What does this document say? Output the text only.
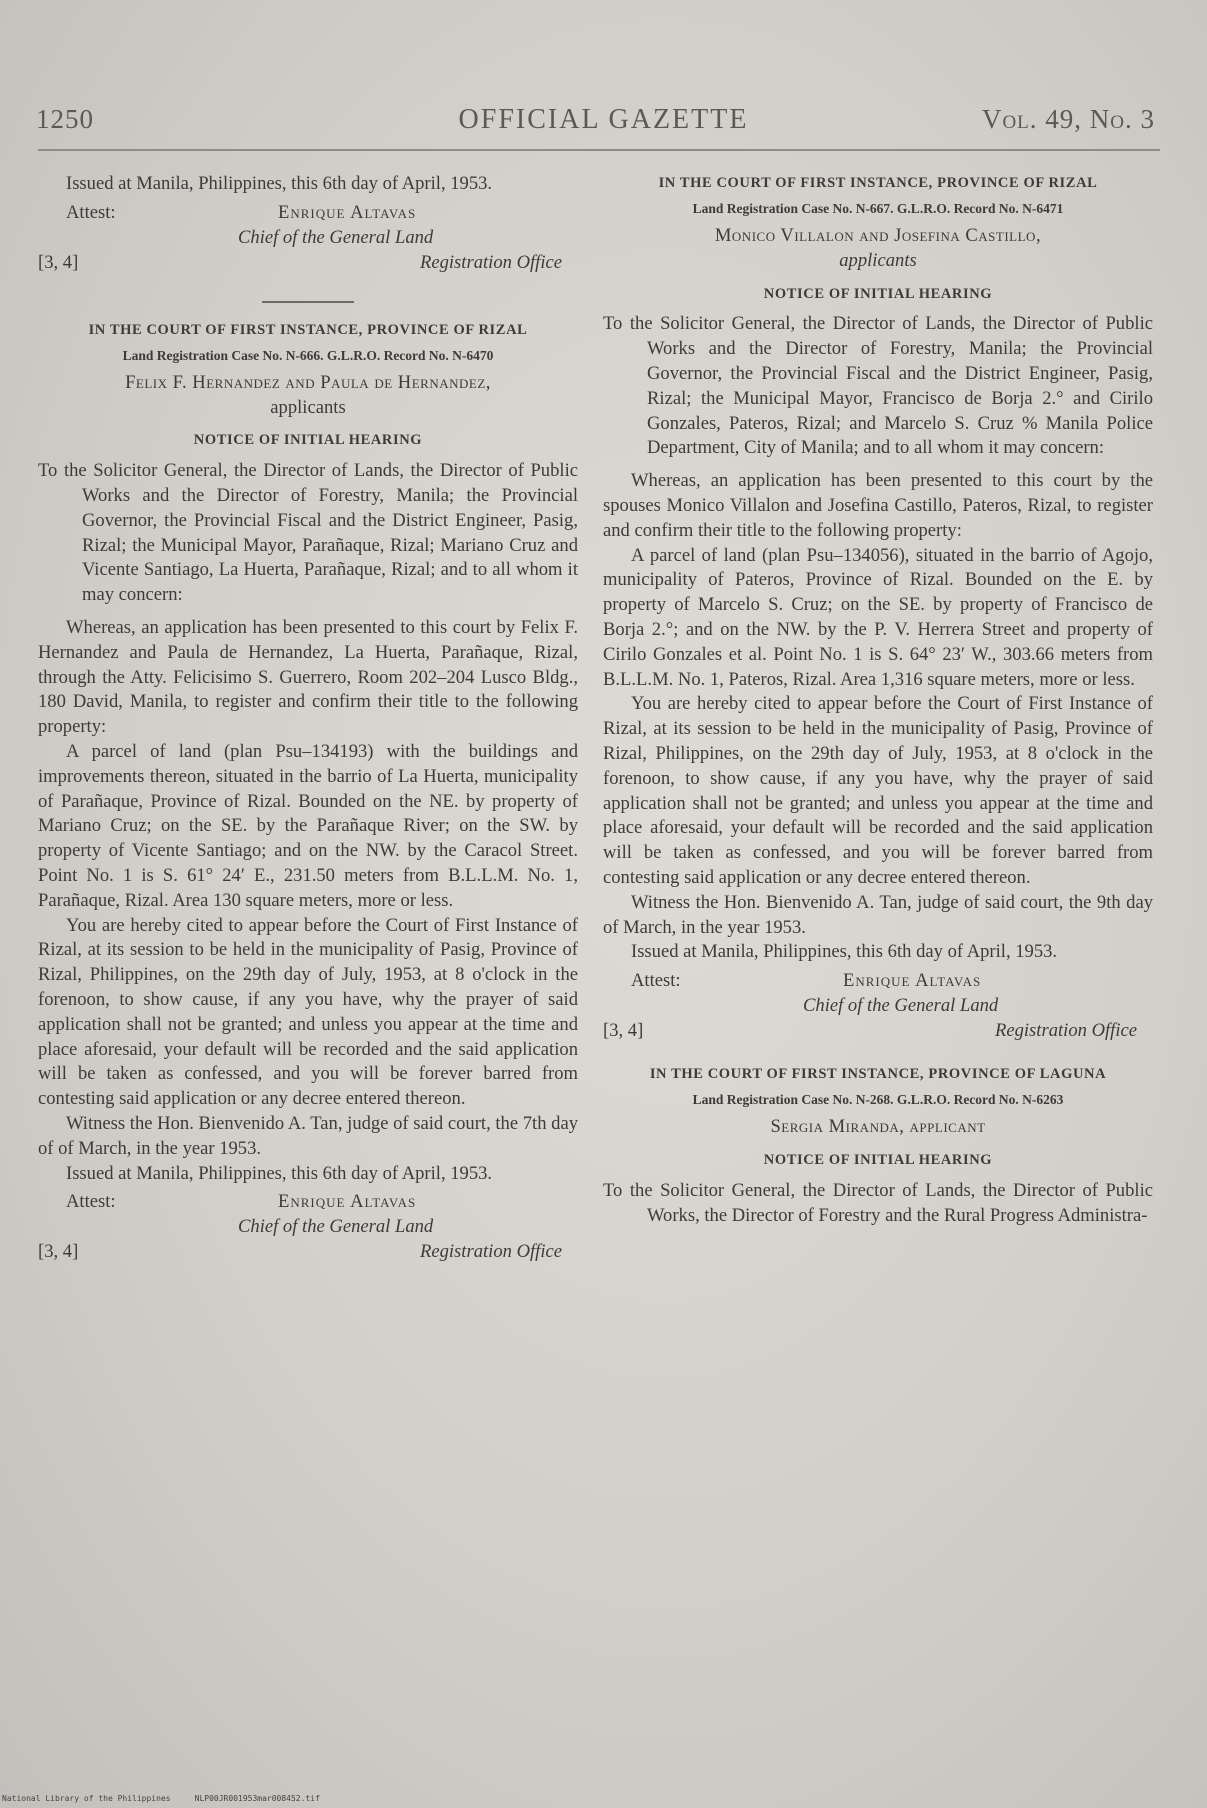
1250	OFFICIAL GAZETTE	Vol. 49, No. 3

Issued at Manila, Philippines, this 6th day of April, 1953.

Attest:	Enrique Altavas
Chief of the General Land
[3, 4]	Registration Office
IN THE COURT OF FIRST INSTANCE, PROVINCE OF RIZAL
Land Registration Case No. N-666. G.L.R.O. Record No. N-6470

Felix F. Hernandez and Paula de Hernandez,
applicants

NOTICE OF INITIAL HEARING

To the Solicitor General, the Director of Lands, the Director of Public Works and the Director of Forestry, Manila; the Provincial Governor, the Provincial Fiscal and the District Engineer, Pasig, Rizal; the Municipal Mayor, Parañaque, Rizal; Mariano Cruz and Vicente Santiago, La Huerta, Parañaque, Rizal; and to all whom it may concern:

Whereas, an application has been presented to this court by Felix F. Hernandez and Paula de Hernandez, La Huerta, Parañaque, Rizal, through the Atty. Felicisimo S. Guerrero, Room 202–204 Lusco Bldg., 180 David, Manila, to register and confirm their title to the following property:

A parcel of land (plan Psu–134193) with the buildings and improvements thereon, situated in the barrio of La Huerta, municipality of Parañaque, Province of Rizal. Bounded on the NE. by property of Mariano Cruz; on the SE. by the Parañaque River; on the SW. by property of Vicente Santiago; and on the NW. by the Caracol Street. Point No. 1 is S. 61° 24′ E., 231.50 meters from B.L.L.M. No. 1, Parañaque, Rizal. Area 130 square meters, more or less.

You are hereby cited to appear before the Court of First Instance of Rizal, at its session to be held in the municipality of Pasig, Province of Rizal, Philippines, on the 29th day of July, 1953, at 8 o'clock in the forenoon, to show cause, if any you have, why the prayer of said application shall not be granted; and unless you appear at the time and place aforesaid, your default will be recorded and the said application will be taken as confessed, and you will be forever barred from contesting said application or any decree entered thereon.

Witness the Hon. Bienvenido A. Tan, judge of said court, the 7th day of of March, in the year 1953.

Issued at Manila, Philippines, this 6th day of April, 1953.

Attest:	Enrique Altavas
Chief of the General Land
[3, 4]	Registration Office
IN THE COURT OF FIRST INSTANCE, PROVINCE OF RIZAL
Land Registration Case No. N-667. G.L.R.O. Record No. N-6471

Monico Villalon and Josefina Castillo,
applicants

NOTICE OF INITIAL HEARING

To the Solicitor General, the Director of Lands, the Director of Public Works and the Director of Forestry, Manila; the Provincial Governor, the Provincial Fiscal and the District Engineer, Pasig, Rizal; the Municipal Mayor, Francisco de Borja 2.° and Cirilo Gonzales, Pateros, Rizal; and Marcelo S. Cruz % Manila Police Department, City of Manila; and to all whom it may concern:

Whereas, an application has been presented to this court by the spouses Monico Villalon and Josefina Castillo, Pateros, Rizal, to register and confirm their title to the following property:

A parcel of land (plan Psu–134056), situated in the barrio of Agojo, municipality of Pateros, Province of Rizal. Bounded on the E. by property of Marcelo S. Cruz; on the SE. by property of Francisco de Borja 2.°; and on the NW. by the P. V. Herrera Street and property of Cirilo Gonzales et al. Point No. 1 is S. 64° 23′ W., 303.66 meters from B.L.L.M. No. 1, Pateros, Rizal. Area 1,316 square meters, more or less.

You are hereby cited to appear before the Court of First Instance of Rizal, at its session to be held in the municipality of Pasig, Province of Rizal, Philippines, on the 29th day of July, 1953, at 8 o'clock in the forenoon, to show cause, if any you have, why the prayer of said application shall not be granted; and unless you appear at the time and place aforesaid, your default will be recorded and the said application will be taken as confessed, and you will be forever barred from contesting said application or any decree entered thereon.

Witness the Hon. Bienvenido A. Tan, judge of said court, the 9th day of March, in the year 1953.

Issued at Manila, Philippines, this 6th day of April, 1953.

Attest:	Enrique Altavas
Chief of the General Land
[3, 4]	Registration Office
IN THE COURT OF FIRST INSTANCE, PROVINCE OF LAGUNA
Land Registration Case No. N-268. G.L.R.O. Record No. N-6263

Sergia Miranda, applicant

NOTICE OF INITIAL HEARING

To the Solicitor General, the Director of Lands, the Director of Public Works, the Director of Forestry and the Rural Progress Administra-

National Library of the Philippines     NLP00JR001953mar008452.tif
